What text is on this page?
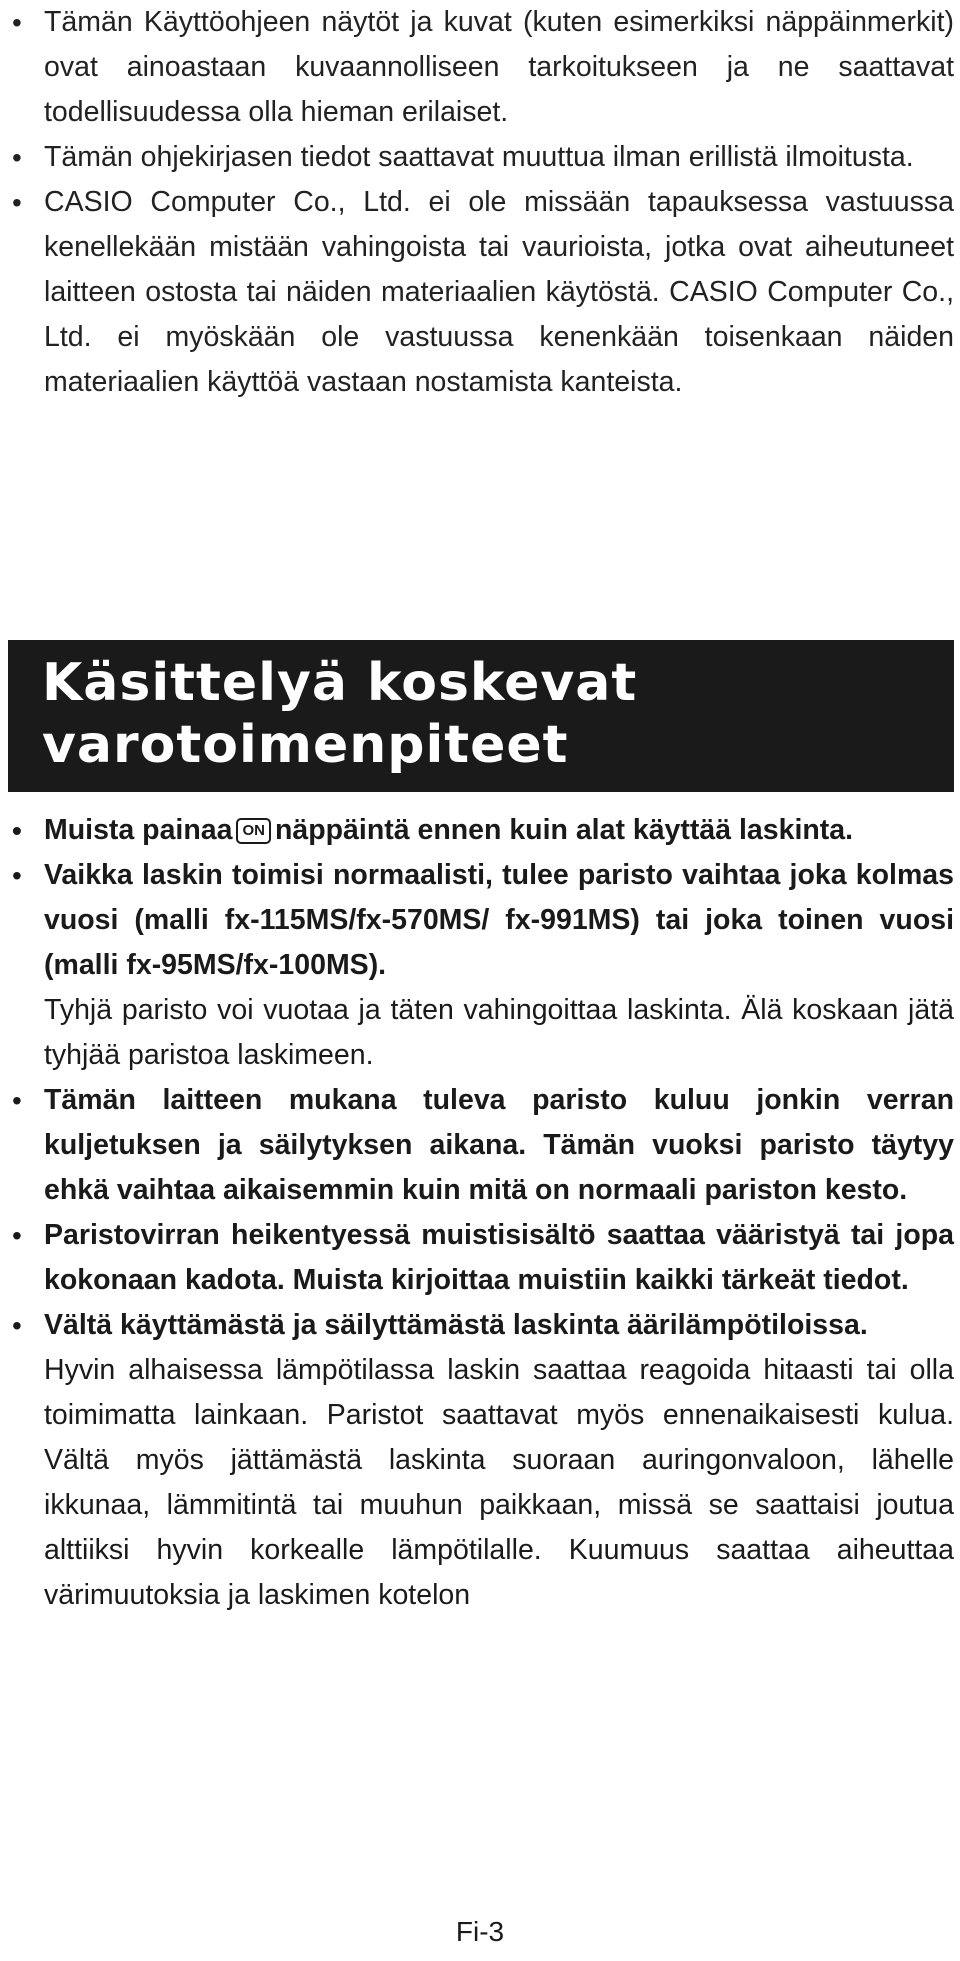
• Tämän Käyttöohjeen näytöt ja kuvat (kuten esimerkiksi näppäinmerkit) ovat ainoastaan kuvaannolliseen tarkoitukseen ja ne saattavat todellisuudessa olla hieman erilaiset.
• Tämän ohjekirjasen tiedot saattavat muuttua ilman erillistä ilmoitusta.
• CASIO Computer Co., Ltd. ei ole missään tapauksessa vastuussa kenellekään mistään vahingoista tai vaurioista, jotka ovat aiheutuneet laitteen ostosta tai näiden materiaalien käytöstä. CASIO Computer Co., Ltd. ei myöskään ole vastuussa kenenkään toisenkaan näiden materiaalien käyttöä vastaan nostamista kanteista.
Käsittelyä koskevat
varotoimenpiteet
• Muista painaa ON näppäintä ennen kuin alat käyttää laskinta.
• Vaikka laskin toimisi normaalisti, tulee paristo vaihtaa joka kolmas vuosi (malli fx-115MS/fx-570MS/ fx-991MS) tai joka toinen vuosi (malli fx-95MS/fx-100MS).
Tyhjä paristo voi vuotaa ja täten vahingoittaa laskinta. Älä koskaan jätä tyhjää paristoa laskimeen.
• Tämän laitteen mukana tuleva paristo kuluu jonkin verran kuljetuksen ja säilytyksen aikana. Tämän vuoksi paristo täytyy ehkä vaihtaa aikaisemmin kuin mitä on normaali pariston kesto.
• Paristovirran heikentyessä muistisisältö saattaa vääristyä tai jopa kokonaan kadota. Muista kirjoittaa muistiin kaikki tärkeät tiedot.
• Vältä käyttämästä ja säilyttämästä laskinta äärilämpötiloissa.
Hyvin alhaisessa lämpötilassa laskin saattaa reagoida hitaasti tai olla toimimatta lainkaan. Paristot saattavat myös ennenaikaisesti kulua. Vältä myös jättämästä laskinta suoraan auringonvaloon, lähelle ikkunaa, lämmitintä tai muuhun paikkaan, missä se saattaisi joutua alttiiksi hyvin korkealle lämpötilalle. Kuumuus saattaa aiheuttaa värimuutoksia ja laskimen kotelon
Fi-3
